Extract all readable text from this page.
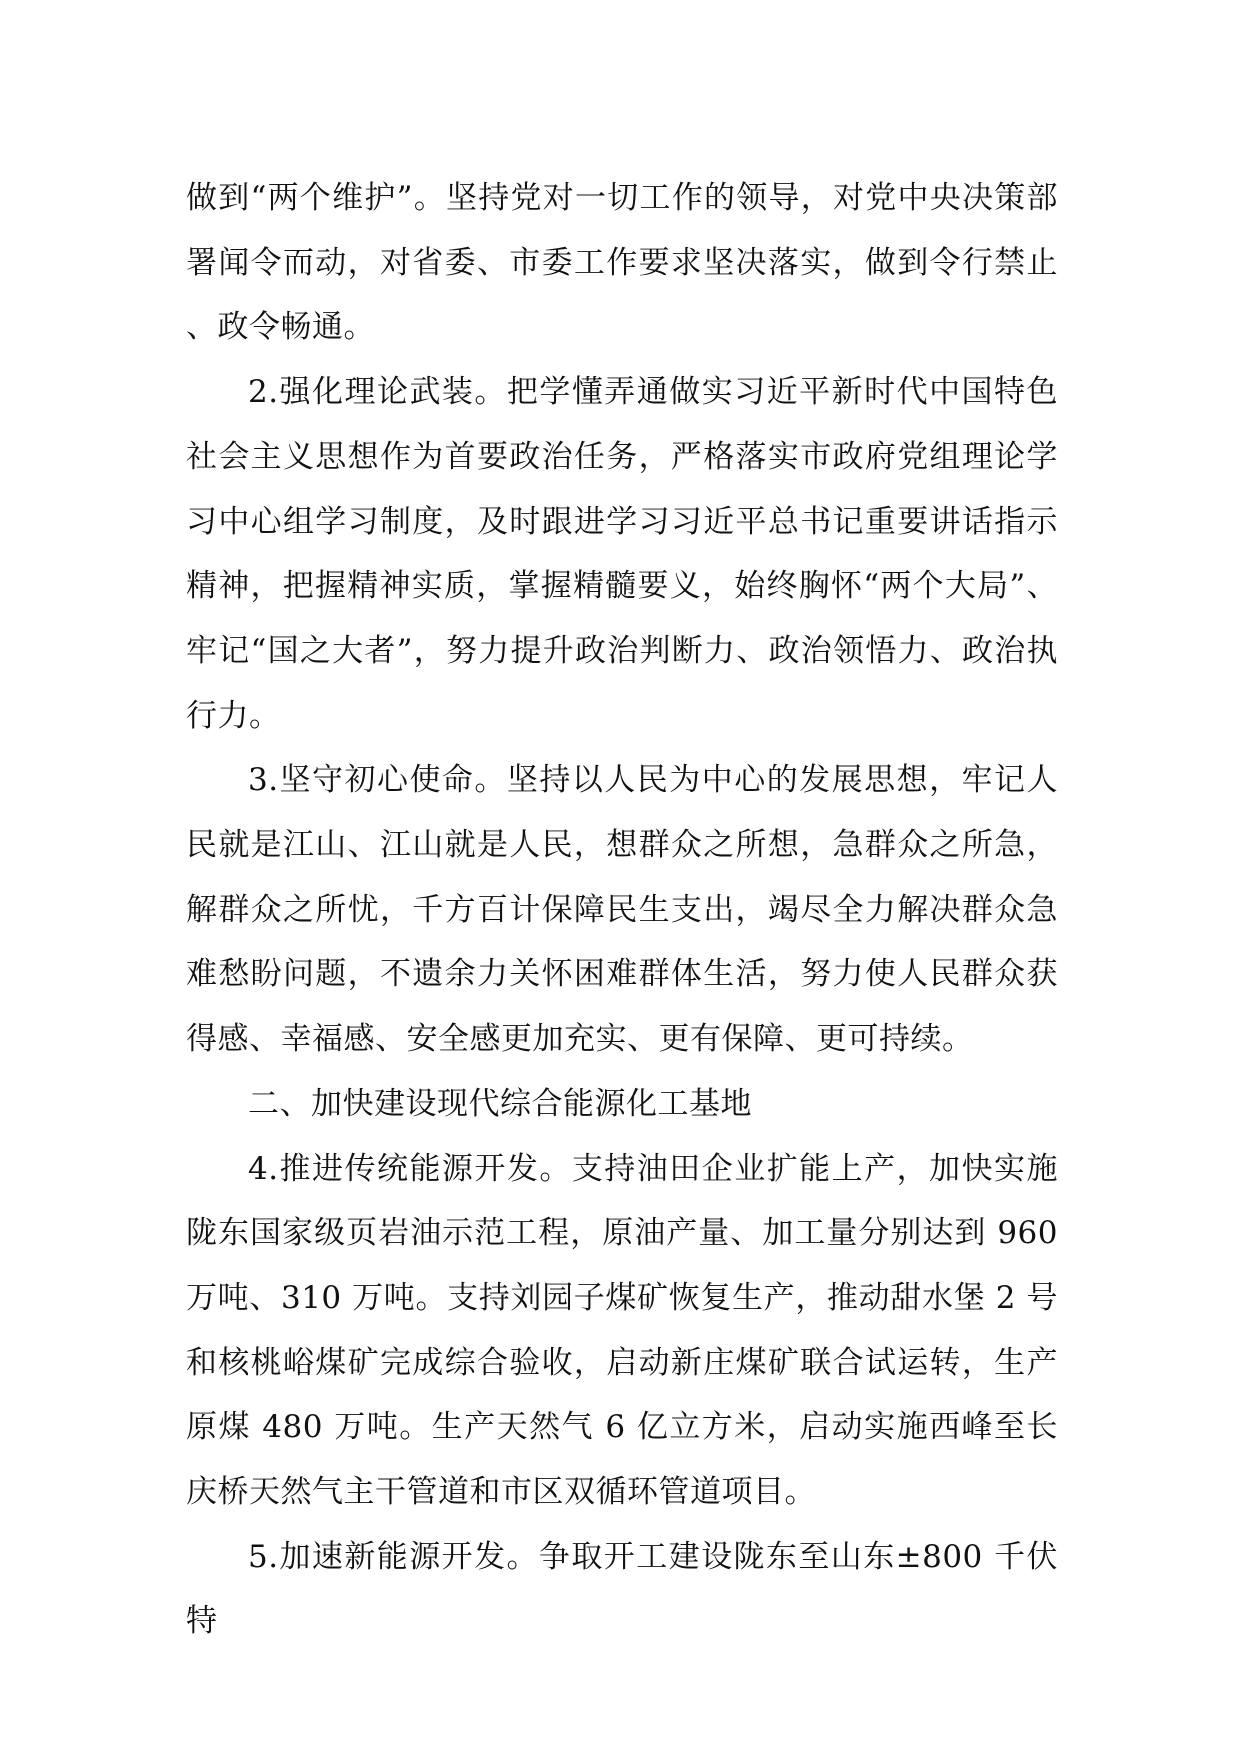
做到“两个维护”。坚持党对一切工作的领导，对党中央决策部署闻令而动，对省委、市委工作要求坚决落实，做到令行禁止、政令畅通。

2.强化理论武装。把学懂弄通做实习近平新时代中国特色社会主义思想作为首要政治任务，严格落实市政府党组理论学习中心组学习制度，及时跟进学习习近平总书记重要讲话指示精神，把握精神实质，掌握精髓要义，始终胸怀“两个大局”、牢记“国之大者”，努力提升政治判断力、政治领悟力、政治执行力。

3.坚守初心使命。坚持以人民为中心的发展思想，牢记人民就是江山、江山就是人民，想群众之所想，急群众之所急，解群众之所忧，千方百计保障民生支出，竭尽全力解决群众急难愁盼问题，不遗余力关怀困难群体生活，努力使人民群众获得感、幸福感、安全感更加充实、更有保障、更可持续。

二、加快建设现代综合能源化工基地

4.推进传统能源开发。支持油田企业扩能上产，加快实施陇东国家级页岩油示范工程，原油产量、加工量分别达到 960 万吨、310 万吨。支持刘园子煤矿恢复生产，推动甜水堡 2 号和核桃峪煤矿完成综合验收，启动新庄煤矿联合试运转，生产原煤 480 万吨。生产天然气 6 亿立方米，启动实施西峰至长庆桥天然气主干管道和市区双循环管道项目。

5.加速新能源开发。争取开工建设陇东至山东±800 千伏特
